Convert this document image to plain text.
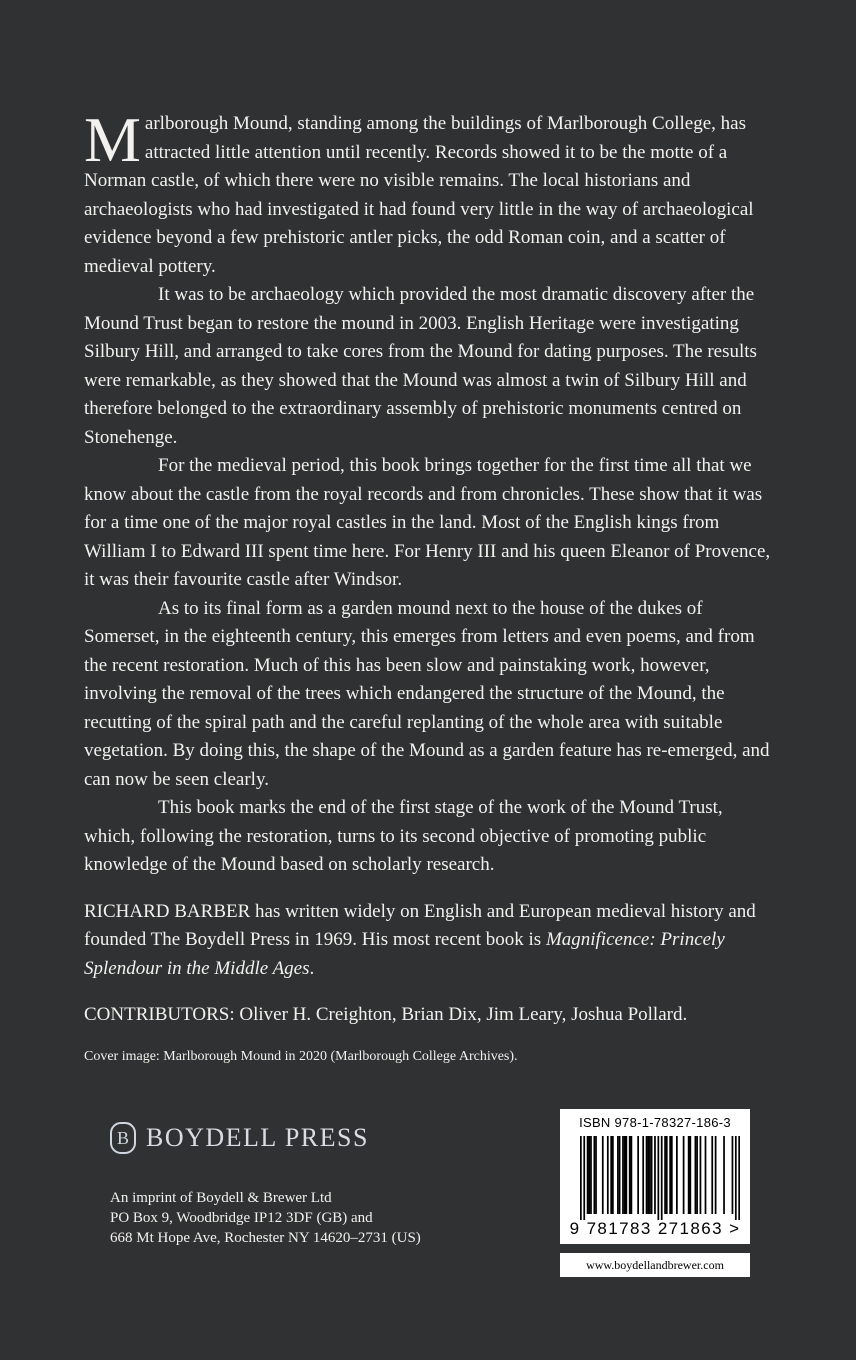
Marlborough Mound, standing among the buildings of Marlborough College, has attracted little attention until recently. Records showed it to be the motte of a Norman castle, of which there were no visible remains. The local historians and archaeologists who had investigated it had found very little in the way of archaeological evidence beyond a few prehistoric antler picks, the odd Roman coin, and a scatter of medieval pottery.

It was to be archaeology which provided the most dramatic discovery after the Mound Trust began to restore the mound in 2003. English Heritage were investigating Silbury Hill, and arranged to take cores from the Mound for dating purposes. The results were remarkable, as they showed that the Mound was almost a twin of Silbury Hill and therefore belonged to the extraordinary assembly of prehistoric monuments centred on Stonehenge.

For the medieval period, this book brings together for the first time all that we know about the castle from the royal records and from chronicles. These show that it was for a time one of the major royal castles in the land. Most of the English kings from William I to Edward III spent time here. For Henry III and his queen Eleanor of Provence, it was their favourite castle after Windsor.

As to its final form as a garden mound next to the house of the dukes of Somerset, in the eighteenth century, this emerges from letters and even poems, and from the recent restoration. Much of this has been slow and painstaking work, however, involving the removal of the trees which endangered the structure of the Mound, the recutting of the spiral path and the careful replanting of the whole area with suitable vegetation. By doing this, the shape of the Mound as a garden feature has re-emerged, and can now be seen clearly.

This book marks the end of the first stage of the work of the Mound Trust, which, following the restoration, turns to its second objective of promoting public knowledge of the Mound based on scholarly research.

RICHARD BARBER has written widely on English and European medieval history and founded The Boydell Press in 1969. His most recent book is Magnificence: Princely Splendour in the Middle Ages.

CONTRIBUTORS: Oliver H. Creighton, Brian Dix, Jim Leary, Joshua Pollard.

Cover image: Marlborough Mound in 2020 (Marlborough College Archives).

B BOYDELL PRESS
An imprint of Boydell & Brewer Ltd
PO Box 9, Woodbridge IP12 3DF (GB) and
668 Mt Hope Ave, Rochester NY 14620–2731 (US)
ISBN 978-1-78327-186-3
9 781783 271863 >
www.boydellandbrewer.com
